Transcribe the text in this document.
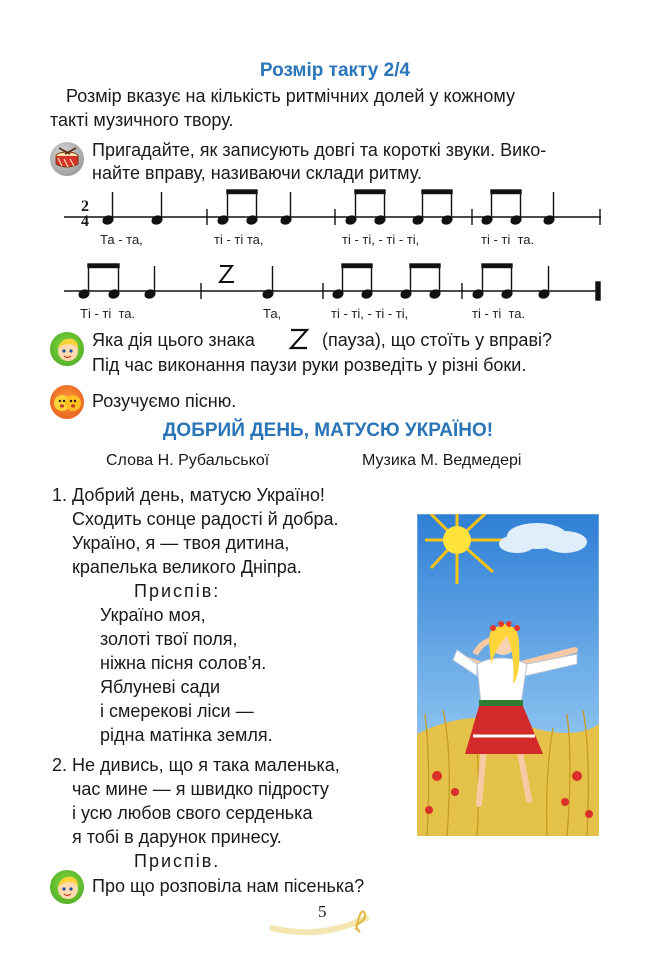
Розмір такту 2/4
Розмір вказує на кількість ритмічних долей у кожному
такті музичного твору.
Пригадайте, як записують довгі та короткі звуки. Вико-
найте вправу, називаючи склади ритму.
2
4
Та - та,	ті - ті та,	ті - ті, - ті - ті,	ті - ті  та.
Ті - ті  та.	Та,	ті - ті, - ті - ті,	ті - ті  та.
Яка дія цього знака	(пауза), що стоїть у вправі?
Під час виконання паузи руки розведіть у різні боки.
Розучуємо пісню.
ДОБРИЙ ДЕНЬ, МАТУСЮ УКРАЇНО!
Слова Н. Рубальської	Музика М. Ведмедері
1. Добрий день, матусю Україно!
Сходить сонце радості й добра.
Україно, я — твоя дитина,
крапелька великого Дніпра.
Приспів:
Україно моя,
золоті твої поля,
ніжна пісня солов’я.
Яблуневі сади
і смерекові ліси —
рідна матінка земля.
2. Не дивись, що я така маленька,
час мине — я швидко підросту
і усю любов свого серденька
я тобі в дарунок принесу.
Приспів.
Про що розповіла нам пісенька?
5
